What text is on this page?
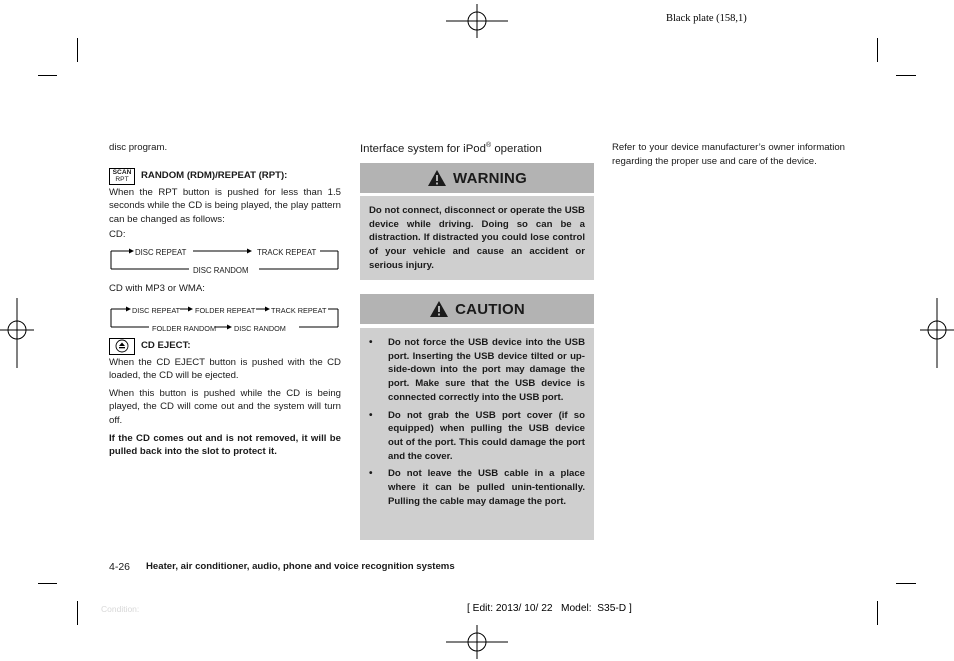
Black plate (158,1)

disc program.

SCAN
RPT	RANDOM (RDM)/REPEAT (RPT):

When the RPT button is pushed for less than 1.5 seconds while the CD is being played, the play pattern can be changed as follows:

CD:

DISC REPEAT	TRACK REPEAT
DISC RANDOM

CD with MP3 or WMA:

DISC REPEAT FOLDER REPEAT TRACK REPEAT
FOLDER RANDOM DISC RANDOM
CD EJECT:

When the CD EJECT button is pushed with the CD loaded, the CD will be ejected.

When this button is pushed while the CD is being played, the CD will come out and the system will turn off.

If the CD comes out and is not removed, it will be pulled back into the slot to protect it.

Interface system for iPod® operation
WARNING

Do not connect, disconnect or operate the USB device while driving. Doing so can be a distraction. If distracted you could lose control of your vehicle and cause an accident or serious injury.

CAUTION
• Do not force the USB device into the USB port. Inserting the USB device tilted or up-side-down into the port may damage the port. Make sure that the USB device is connected correctly into the USB port.
• Do not grab the USB port cover (if so equipped) when pulling the USB device out of the port. This could damage the port and the cover.
• Do not leave the USB cable in a place where it can be pulled unin-tentionally. Pulling the cable may damage the port.

Refer to your device manufacturer’s owner information regarding the proper use and care of the device.

4-26 Heater, air conditioner, audio, phone and voice recognition systems
Condition:	[ Edit: 2013/ 10/ 22   Model:  S35-D ]
